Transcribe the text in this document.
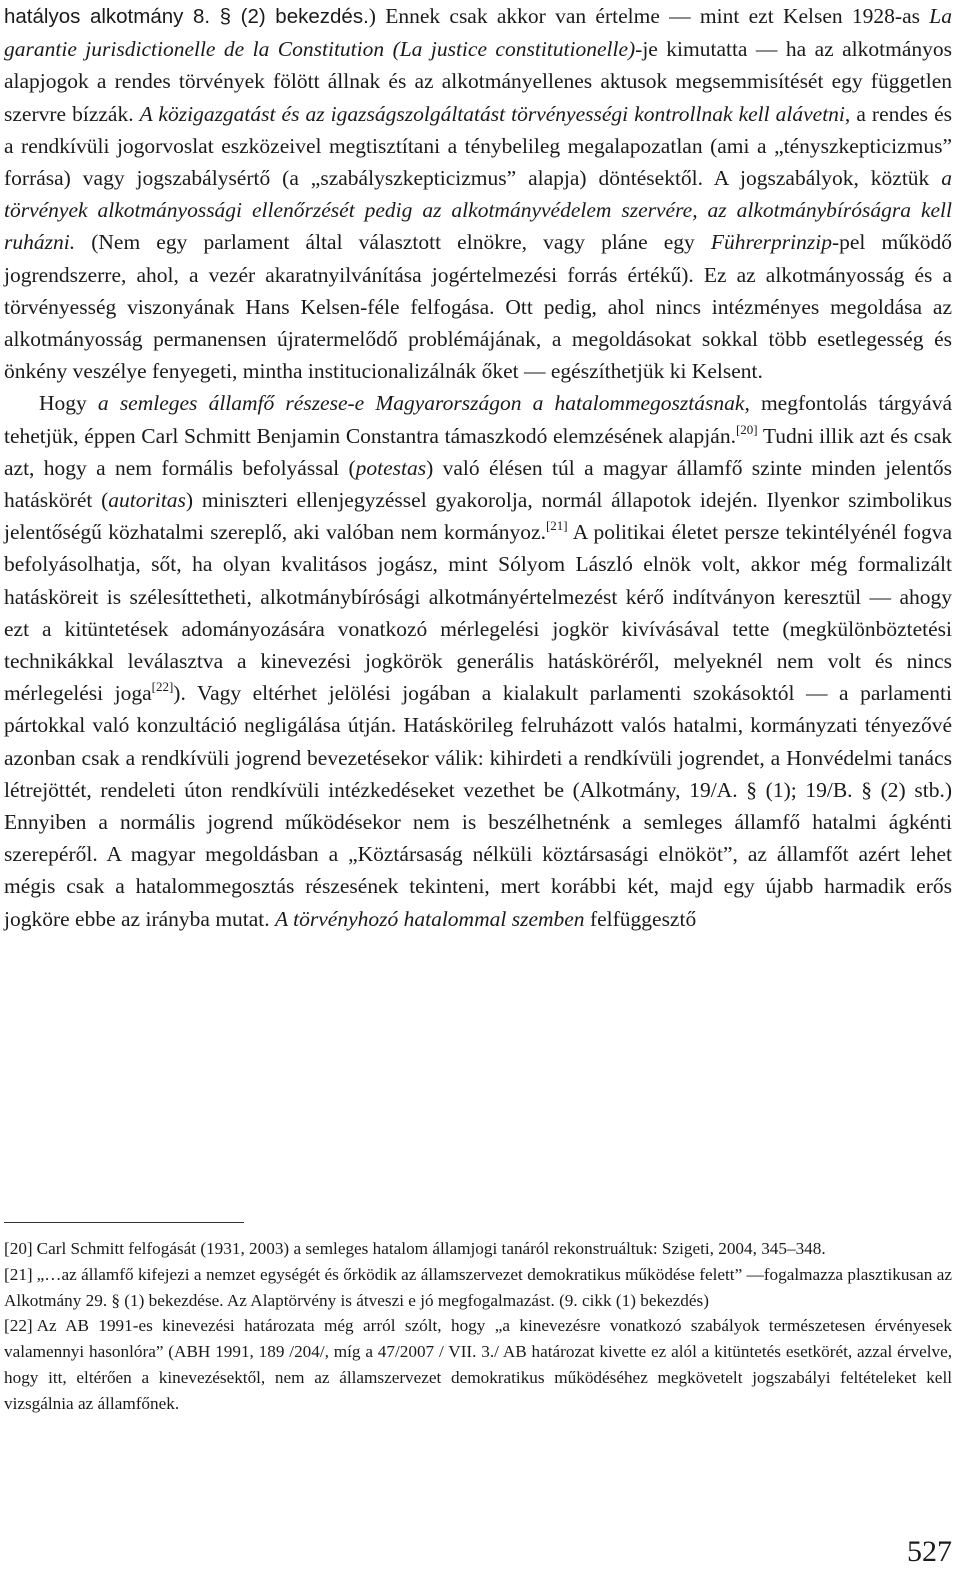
hatályos alkotmány 8. § (2) bekezdés.) Ennek csak akkor van értelme — mint ezt Kelsen 1928-as La garantie jurisdictionelle de la Constitution (La justice constitutionelle)-je kimutatta — ha az alkotmányos alapjogok a rendes törvények fölött állnak és az alkotmányellenes aktusok megsemmisítését egy független szervre bízzák. A közigazgatást és az igazságszolgáltatást törvényességi kontrollnak kell alávetni, a rendes és a rendkívüli jogorvoslat eszközeivel megtisztítani a ténybelileg megalapozatlan (ami a „tényszkepticizmus” forrása) vagy jogszabálysértő (a „szabályszkepticizmus” alapja) döntésektől. A jogszabályok, köztük a törvények alkotmányossági ellenőrzését pedig az alkotmányvédelem szervére, az alkotmánybíróságra kell ruházni. (Nem egy parlament által választott elnökre, vagy pláne egy Führerprinzip-pel működő jogrendszerre, ahol, a vezér akaratnyilvánítása jogértelmezési forrás értékű). Ez az alkotmányosság és a törvényesség viszonyának Hans Kelsen-féle felfogása. Ott pedig, ahol nincs intézményes megoldása az alkotmányosság permanensen újratermelődő problémájának, a megoldásokat sokkal több esetlegesség és önkény veszélye fenyegeti, mintha institucionalizálnák őket — egészíthetjük ki Kelsent.

Hogy a semleges államfő részese-e Magyarországon a hatalommegosztásnak, megfontolás tárgyává tehetjük, éppen Carl Schmitt Benjamin Constantra támaszkodó elemzésének alapján.[20] Tudni illik azt és csak azt, hogy a nem formális befolyással (potestas) való élésen túl a magyar államfő szinte minden jelentős hatáskörét (autoritas) miniszteri ellenjegyzéssel gyakorolja, normál állapotok idején. Ilyenkor szimbolikus jelentőségű közhatalmi szereplő, aki valóban nem kormányoz.[21] A politikai életet persze tekintélyénél fogva befolyásolhatja, sőt, ha olyan kvalitásos jogász, mint Sólyom László elnök volt, akkor még formalizált hatásköreit is szélesíttetheti, alkotmánybírósági alkotmányértelmezést kérő indítványon keresztül — ahogy ezt a kitüntetések adományozására vonatkozó mérlegelési jogkör kivívásával tette (megkülönböztetési technikákkal leválasztva a kinevezési jogkörök generális hatásköréről, melyeknél nem volt és nincs mérlegelési joga[22]). Vagy eltérhet jelölési jogában a kialakult parlamenti szokásoktól — a parlamenti pártokkal való konzultáció negligálása útján. Hatáskörileg felruházott valós hatalmi, kormányzati tényezővé azonban csak a rendkívüli jogrend bevezetésekor válik: kihirdeti a rendkívüli jogrendet, a Honvédelmi tanács létrejöttét, rendeleti úton rendkívüli intézkedéseket vezethet be (Alkotmány, 19/A. § (1); 19/B. § (2) stb.) Ennyiben a normális jogrend működésekor nem is beszélhetnénk a semleges államfő hatalmi ágkénti szerepéről. A magyar megoldásban a „Köztársaság nélküli köztársasági elnököt”, az államfőt azért lehet mégis csak a hatalommegosztás részesének tekinteni, mert korábbi két, majd egy újabb harmadik erős jogköre ebbe az irányba mutat. A törvényhozó hatalommal szemben felfüggesztő

[20] Carl Schmitt felfogását (1931, 2003) a semleges hatalom államjogi tanáról rekonstruáltuk: Szigeti, 2004, 345–348.

[21] „…az államfő kifejezi a nemzet egységét és őrködik az államszervezet demokratikus működése felett” —fogalmazza plasztikusan az Alkotmány 29. § (1) bekezdése. Az Alaptörvény is átveszi e jó megfogalmazást. (9. cikk (1) bekezdés)

[22] Az AB 1991-es kinevezési határozata még arról szólt, hogy „a kinevezésre vonatkozó szabályok természetesen érvényesek valamennyi hasonlóra” (ABH 1991, 189 /204/, míg a 47/2007 / VII. 3./ AB határozat kivette ez alól a kitüntetés esetkörét, azzal érvelve, hogy itt, eltérően a kinevezésektől, nem az államszervezet demokratikus működéséhez megkövetelt jogszabályi feltételeket kell vizsgálnia az államfőnek.

527
